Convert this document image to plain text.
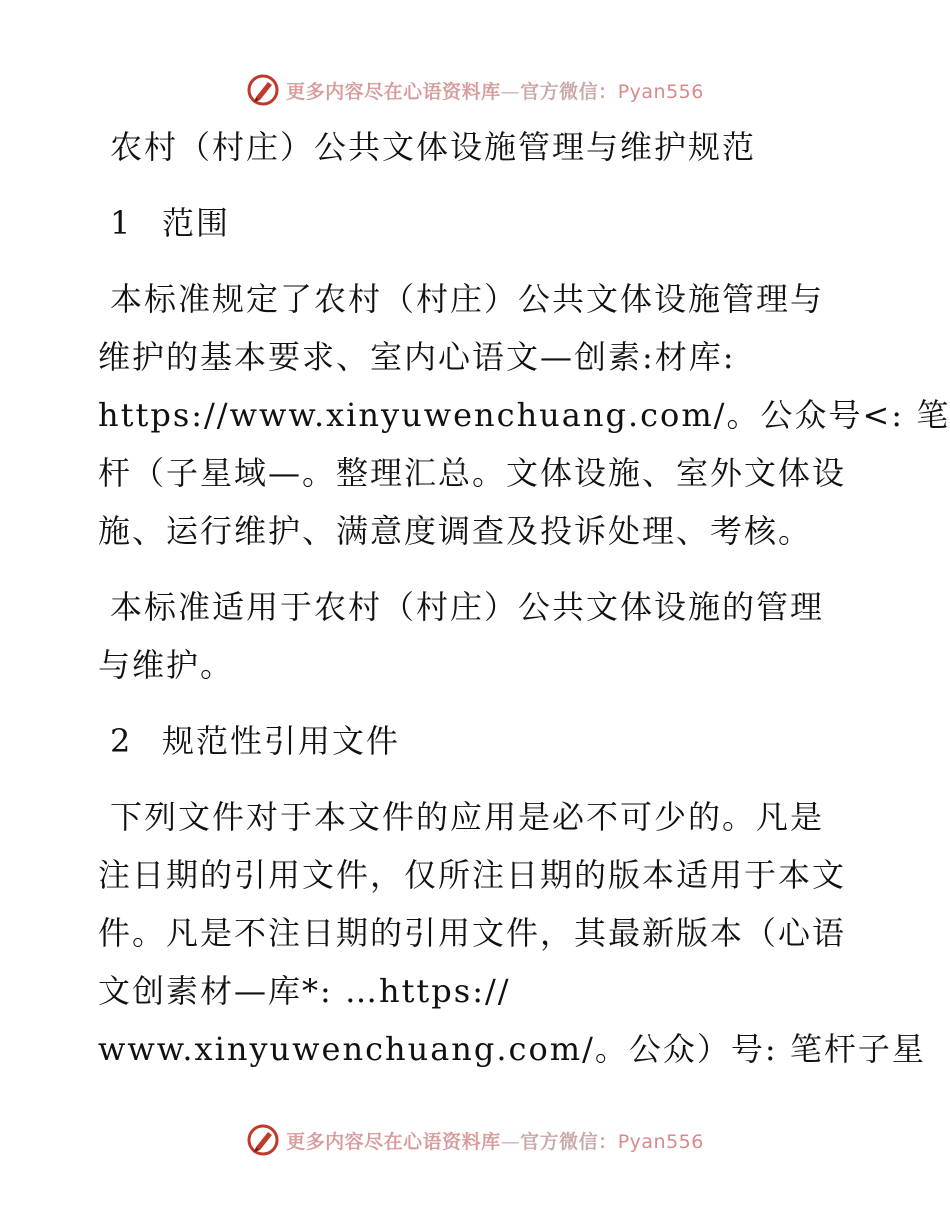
更多内容尽在心语资料库—官方微信：Pyan556
农村（村庄）公共文体设施管理与维护规范
1 范围
本标准规定了农村（村庄）公共文体设施管理与
维护的基本要求、室内心语文—创素:材库:
https://www.xinyuwenchuang.com/。公众号<: 笔
杆（子星域—。整理汇总。文体设施、室外文体设
施、运行维护、满意度调查及投诉处理、考核。
本标准适用于农村（村庄）公共文体设施的管理
与维护。
2 规范性引用文件
下列文件对于本文件的应用是必不可少的。凡是
注日期的引用文件，仅所注日期的版本适用于本文
件。凡是不注日期的引用文件，其最新版本（心语
文创素材—库*: …https://
www.xinyuwenchuang.com/。公众）号: 笔杆子星
更多内容尽在心语资料库—官方微信：Pyan556
